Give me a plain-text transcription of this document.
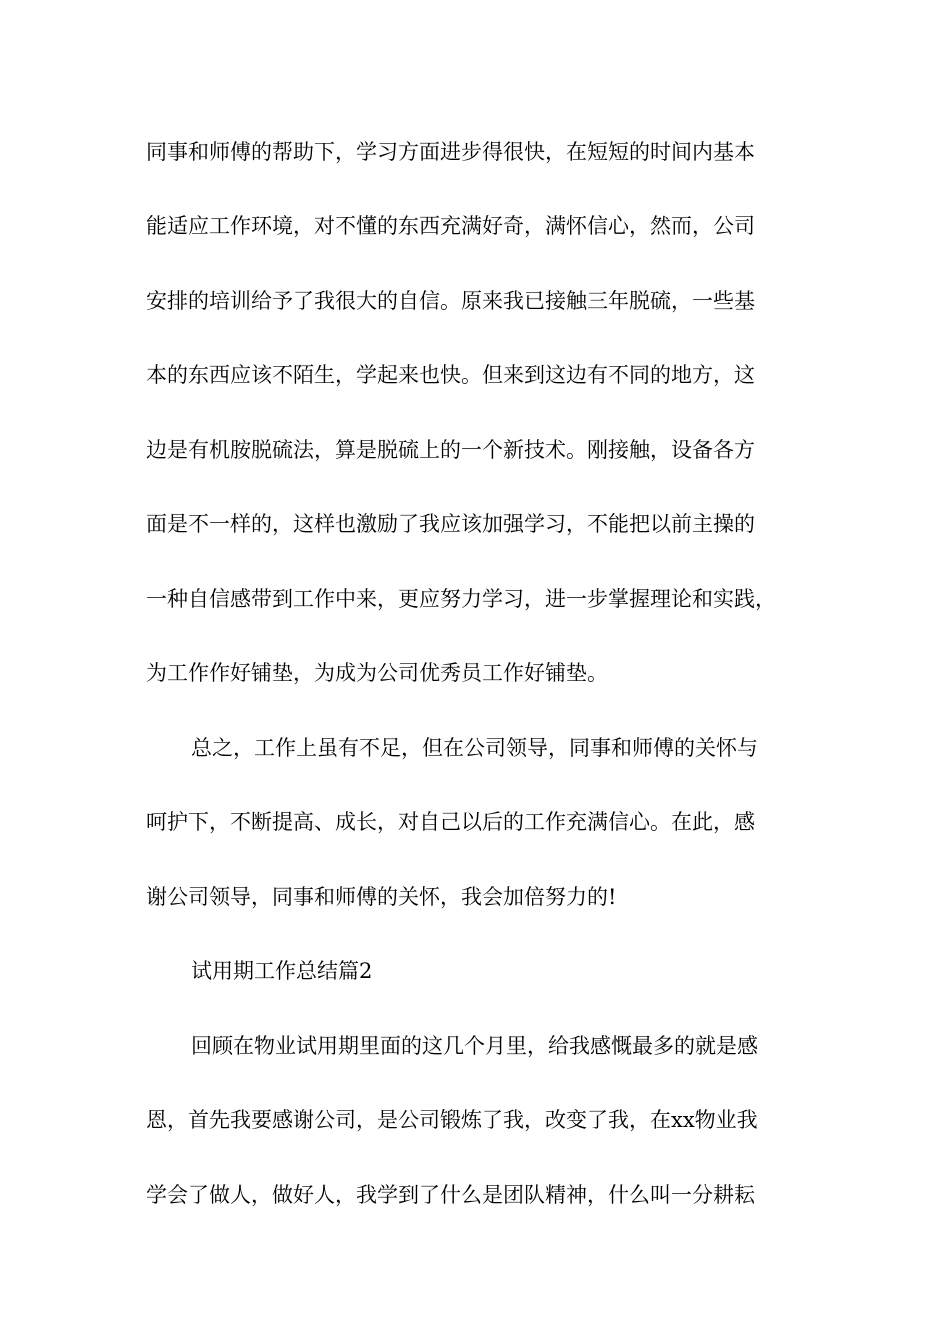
同事和师傅的帮助下，学习方面进步得很快，在短短的时间内基本
能适应工作环境，对不懂的东西充满好奇，满怀信心，然而，公司
安排的培训给予了我很大的自信。原来我已接触三年脱硫，一些基
本的东西应该不陌生，学起来也快。但来到这边有不同的地方，这
边是有机胺脱硫法，算是脱硫上的一个新技术。刚接触，设备各方
面是不一样的，这样也激励了我应该加强学习，不能把以前主操的
一种自信感带到工作中来，更应努力学习，进一步掌握理论和实践，
为工作作好铺垫，为成为公司优秀员工作好铺垫。
总之，工作上虽有不足，但在公司领导，同事和师傅的关怀与
呵护下，不断提高、成长，对自己以后的工作充满信心。在此，感
谢公司领导，同事和师傅的关怀，我会加倍努力的!
试用期工作总结篇2
回顾在物业试用期里面的这几个月里，给我感慨最多的就是感
恩，首先我要感谢公司，是公司锻炼了我，改变了我，在xx物业我
学会了做人，做好人，我学到了什么是团队精神，什么叫一分耕耘
